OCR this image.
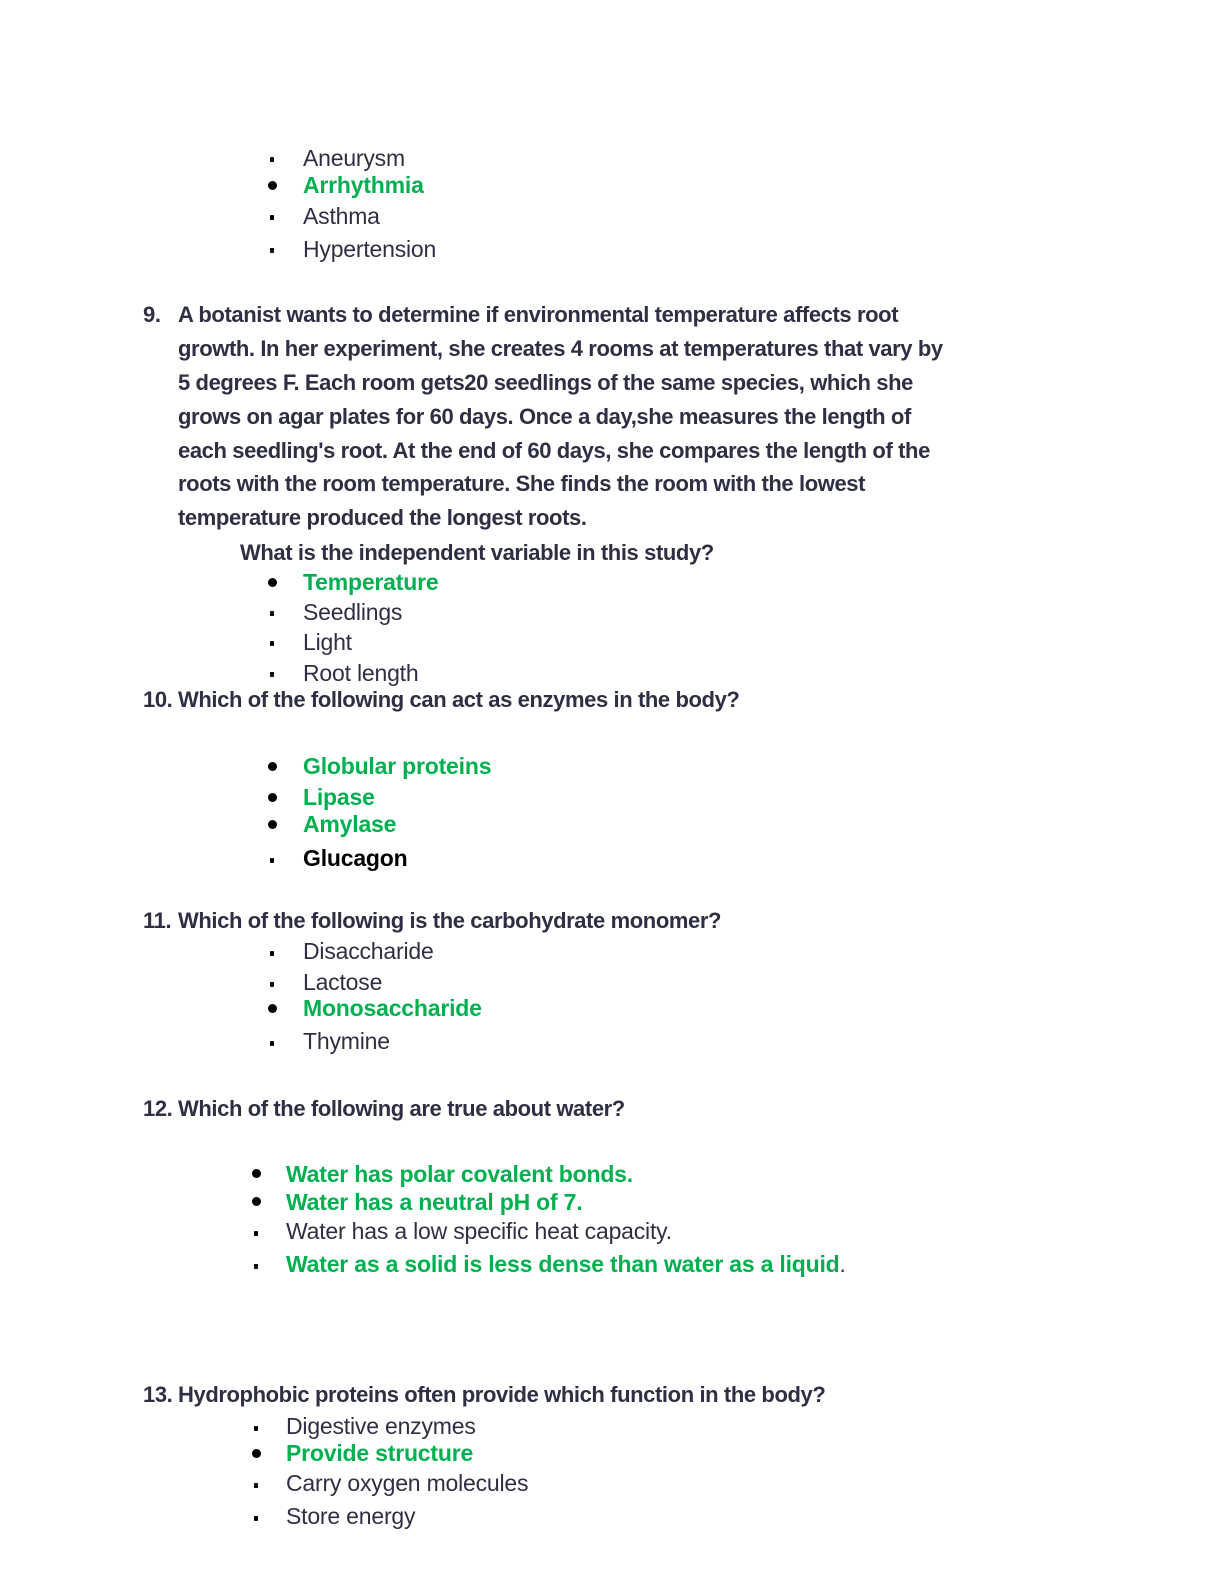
Aneurysm
Arrhythmia
Asthma
Hypertension
9. A botanist wants to determine if environmental temperature affects root
growth. In her experiment, she creates 4 rooms at temperatures that vary by
5 degrees F. Each room gets20 seedlings of the same species, which she
grows on agar plates for 60 days. Once a day,she measures the length of
each seedling's root. At the end of 60 days, she compares the length of the
roots with the room temperature. She finds the room with the lowest
temperature produced the longest roots.
What is the independent variable in this study?
Temperature
Seedlings
Light
Root length
10. Which of the following can act as enzymes in the body?
Globular proteins
Lipase
Amylase
Glucagon
11. Which of the following is the carbohydrate monomer?
Disaccharide
Lactose
Monosaccharide
Thymine
12. Which of the following are true about water?
Water has polar covalent bonds.
Water has a neutral pH of 7.
Water has a low specific heat capacity.
Water as a solid is less dense than water as a liquid.
13. Hydrophobic proteins often provide which function in the body?
Digestive enzymes
Provide structure
Carry oxygen molecules
Store energy
